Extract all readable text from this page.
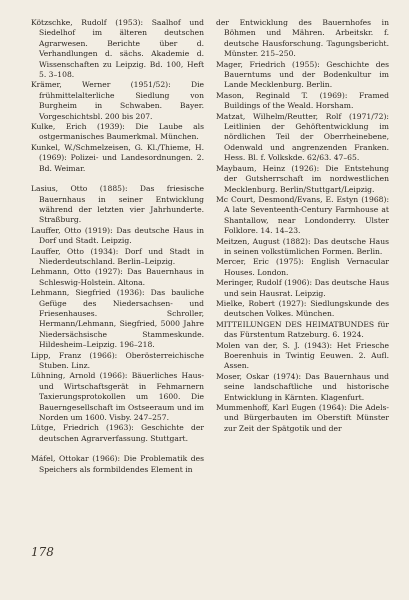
Kötzschke, Rudolf (1953): Saalhof und Siedelhof im älteren deutschen Agrarwesen. Berichte über d. Verhandlungen d. sächs. Akademie d. Wissenschaften zu Leipzig. Bd. 100, Heft 5. 3–108.

Krämer, Werner (1951/52): Die frühmittelalterliche Siedlung von Burgheim in Schwaben. Bayer. Vorgeschichtsbl. 200 bis 207.

Kulke, Erich (1939): Die Laube als ostgermanisches Baumerkmal. München.

Kunkel, W./Schmelzeisen, G. Kl./Thieme, H. (1969): Polizei- und Landesordnungen. 2. Bd. Weimar.

Lasius, Otto (1885): Das friesische Bauernhaus in seiner Entwicklung während der letzten vier Jahrhunderte. Straßburg.

Lauffer, Otto (1919): Das deutsche Haus in Dorf und Stadt. Leipzig.

Lauffer, Otto (1934): Dorf und Stadt in Niederdeutschland. Berlin–Leipzig.

Lehmann, Otto (1927): Das Bauernhaus in Schleswig-Holstein. Altona.

Lehmann, Siegfried (1936): Das bauliche Gefüge des Niedersachsen- und Friesenhauses. Schroller, Hermann/Lehmann, Siegfried, 5000 Jahre Niedersächsische Stammeskunde. Hildesheim–Leipzig. 196–218.

Lipp, Franz (1966): Oberösterreichische Stuben. Linz.

Lühning, Arnold (1966): Bäuerliches Haus- und Wirtschaftsgerät in Fehmarnern Taxierungsprotokollen um 1600. Die Bauerngesellschaft im Ostseeraum und im Norden um 1600. Visby. 247–257.

Lütge, Friedrich (1963): Geschichte der deutschen Agrarverfassung. Stuttgart.

Máfel, Ottokar (1966): Die Problematik des Speichers als formbildendes Element in

der Entwicklung des Bauernhofes in Böhmen und Mähren. Arbeitskr. f. deutsche Hausforschung. Tagungsbericht. Münster. 215–250.

Mager, Friedrich (1955): Geschichte des Bauerntums und der Bodenkultur im Lande Mecklenburg. Berlin.

Mason, Reginald T. (1969): Framed Buildings of the Weald. Horsham.

Matzat, Wilhelm/Reutter, Rolf (1971/72): Leitlinien der Gehöftentwicklung im nördlichen Teil der Oberrheinebene, Odenwald und angrenzenden Franken. Hess. Bl. f. Volkskde. 62/63. 47–65.

Maybaum, Heinz (1926): Die Entstehung der Gutsherrschaft im nordwestlichen Mecklenburg. Berlin/Stuttgart/Leipzig.

Mc Court, Desmond/Evans, E. Estyn (1968): A late Seventeenth-Century Farmhouse at Shantallow, near Londonderry. Ulster Folklore. 14. 14–23.

Meitzen, August (1882): Das deutsche Haus in seinen volkstümlichen Formen. Berlin.

Mercer, Eric (1975): English Vernacular Houses. London.

Meringer, Rudolf (1906): Das deutsche Haus und sein Hausrat. Leipzig.

Mielke, Robert (1927): Siedlungskunde des deutschen Volkes. München.

MITTEILUNGEN DES HEIMATBUNDES für das Fürstentum Ratzeburg. 6. 1924.

Molen van der, S. J. (1943): Het Friesche Boerenhuis in Twintig Eeuwen. 2. Aufl. Assen.

Moser, Oskar (1974): Das Bauernhaus und seine landschaftliche und historische Entwicklung in Kärnten. Klagenfurt.

Mummenhoff, Karl Eugen (1964): Die Adels- und Bürgerbauten im Oberstift Münster zur Zeit der Spätgotik und der

178
